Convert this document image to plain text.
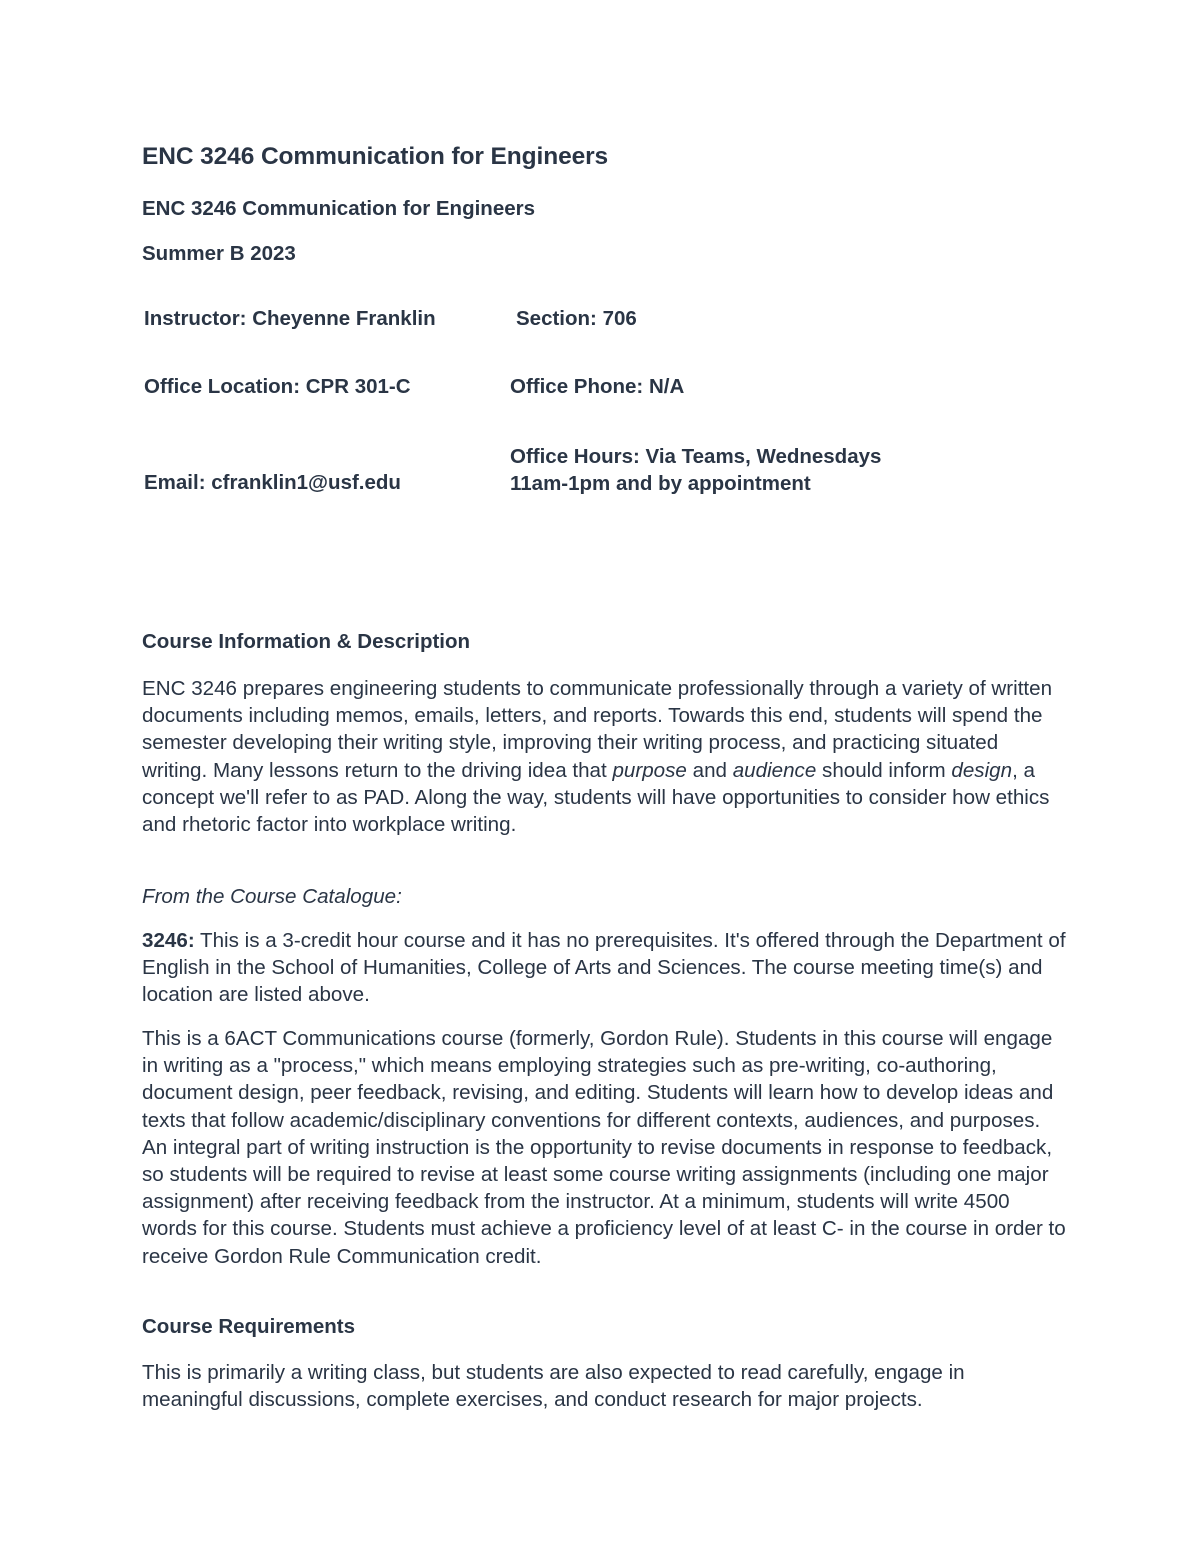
ENC 3246 Communication for Engineers
ENC 3246 Communication for Engineers
Summer B 2023
Instructor: Cheyenne Franklin	Section: 706
Office Location: CPR 301-C	Office Phone: N/A
Email: cfranklin1@usf.edu
Office Hours: Via Teams, Wednesdays 11am-1pm and by appointment
Course Information & Description
ENC 3246 prepares engineering students to communicate professionally through a variety of written documents including memos, emails, letters, and reports. Towards this end, students will spend the semester developing their writing style, improving their writing process, and practicing situated writing. Many lessons return to the driving idea that purpose and audience should inform design, a concept we'll refer to as PAD. Along the way, students will have opportunities to consider how ethics and rhetoric factor into workplace writing.
From the Course Catalogue:
3246: This is a 3-credit hour course and it has no prerequisites. It's offered through the Department of English in the School of Humanities, College of Arts and Sciences. The course meeting time(s) and location are listed above.
This is a 6ACT Communications course (formerly, Gordon Rule). Students in this course will engage in writing as a "process," which means employing strategies such as pre-writing, co-authoring, document design, peer feedback, revising, and editing. Students will learn how to develop ideas and texts that follow academic/disciplinary conventions for different contexts, audiences, and purposes. An integral part of writing instruction is the opportunity to revise documents in response to feedback, so students will be required to revise at least some course writing assignments (including one major assignment) after receiving feedback from the instructor. At a minimum, students will write 4500 words for this course. Students must achieve a proficiency level of at least C- in the course in order to receive Gordon Rule Communication credit.
Course Requirements
This is primarily a writing class, but students are also expected to read carefully, engage in meaningful discussions, complete exercises, and conduct research for major projects.
